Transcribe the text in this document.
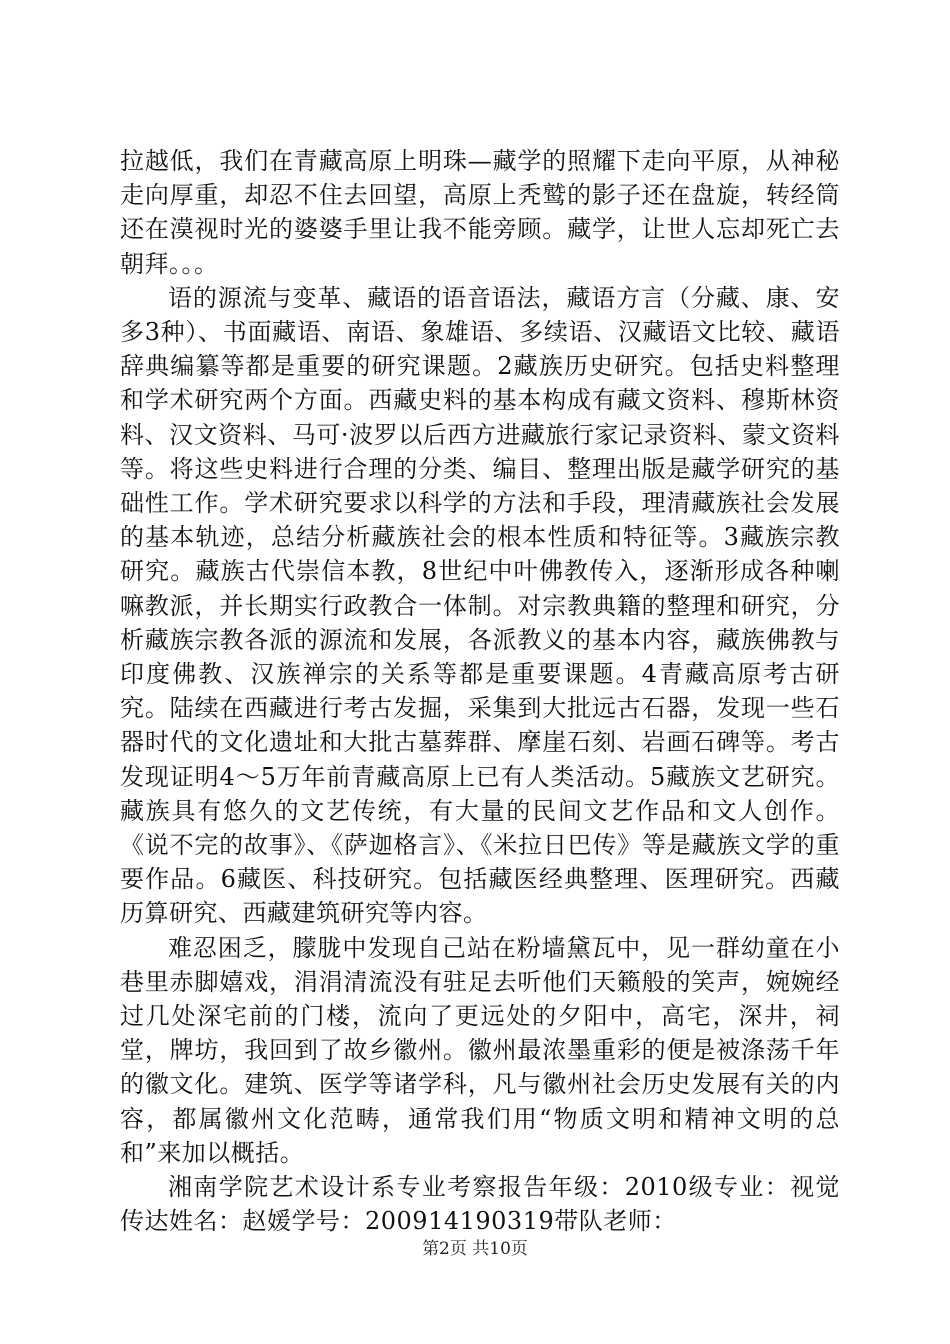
拉越低，我们在青藏高原上明珠—藏学的照耀下走向平原，从神秘走向厚重，却忍不住去回望，高原上秃鹫的影子还在盘旋，转经筒还在漠视时光的婆婆手里让我不能旁顾。藏学，让世人忘却死亡去朝拜。。。

语的源流与变革、藏语的语音语法，藏语方言（分藏、康、安多3种）、书面藏语、南语、象雄语、多续语、汉藏语文比较、藏语辞典编纂等都是重要的研究课题。2藏族历史研究。包括史料整理和学术研究两个方面。西藏史料的基本构成有藏文资料、穆斯林资料、汉文资料、马可·波罗以后西方进藏旅行家记录资料、蒙文资料等。将这些史料进行合理的分类、编目、整理出版是藏学研究的基础性工作。学术研究要求以科学的方法和手段，理清藏族社会发展的基本轨迹，总结分析藏族社会的根本性质和特征等。3藏族宗教研究。藏族古代崇信本教，8世纪中叶佛教传入，逐渐形成各种喇嘛教派，并长期实行政教合一体制。对宗教典籍的整理和研究，分析藏族宗教各派的源流和发展，各派教义的基本内容，藏族佛教与印度佛教、汉族禅宗的关系等都是重要课题。4青藏高原考古研究。陆续在西藏进行考古发掘，采集到大批远古石器，发现一些石器时代的文化遗址和大批古墓葬群、摩崖石刻、岩画石碑等。考古发现证明4～5万年前青藏高原上已有人类活动。5藏族文艺研究。藏族具有悠久的文艺传统，有大量的民间文艺作品和文人创作。《说不完的故事》、《萨迦格言》、《米拉日巴传》等是藏族文学的重要作品。6藏医、科技研究。包括藏医经典整理、医理研究。西藏历算研究、西藏建筑研究等内容。

难忍困乏，朦胧中发现自己站在粉墙黛瓦中，见一群幼童在小巷里赤脚嬉戏，涓涓清流没有驻足去听他们天籁般的笑声，婉婉经过几处深宅前的门楼，流向了更远处的夕阳中，高宅，深井，祠堂，牌坊，我回到了故乡徽州。徽州最浓墨重彩的便是被涤荡千年的徽文化。建筑、医学等诸学科，凡与徽州社会历史发展有关的内容，都属徽州文化范畴，通常我们用“物质文明和精神文明的总和”来加以概括。

湘南学院艺术设计系专业考察报告年级：2010级专业：视觉传达姓名：赵媛学号：200914190319带队老师：

第2页 共10页
